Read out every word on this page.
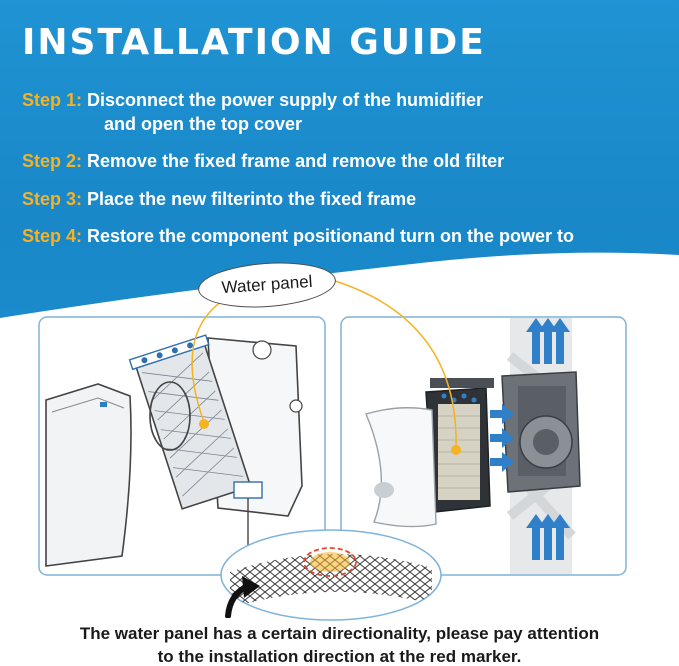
INSTALLATION GUIDE
Step 1: Disconnect the power supply of the humidifier
and open the top cover
Step 2: Remove the fixed frame and remove the old filter
Step 3: Place the new filterinto the fixed frame
Step 4: Restore the component positionand turn on the power to
Water panel
The water panel has a certain directionality, please pay attention
to the installation direction at the red marker.
